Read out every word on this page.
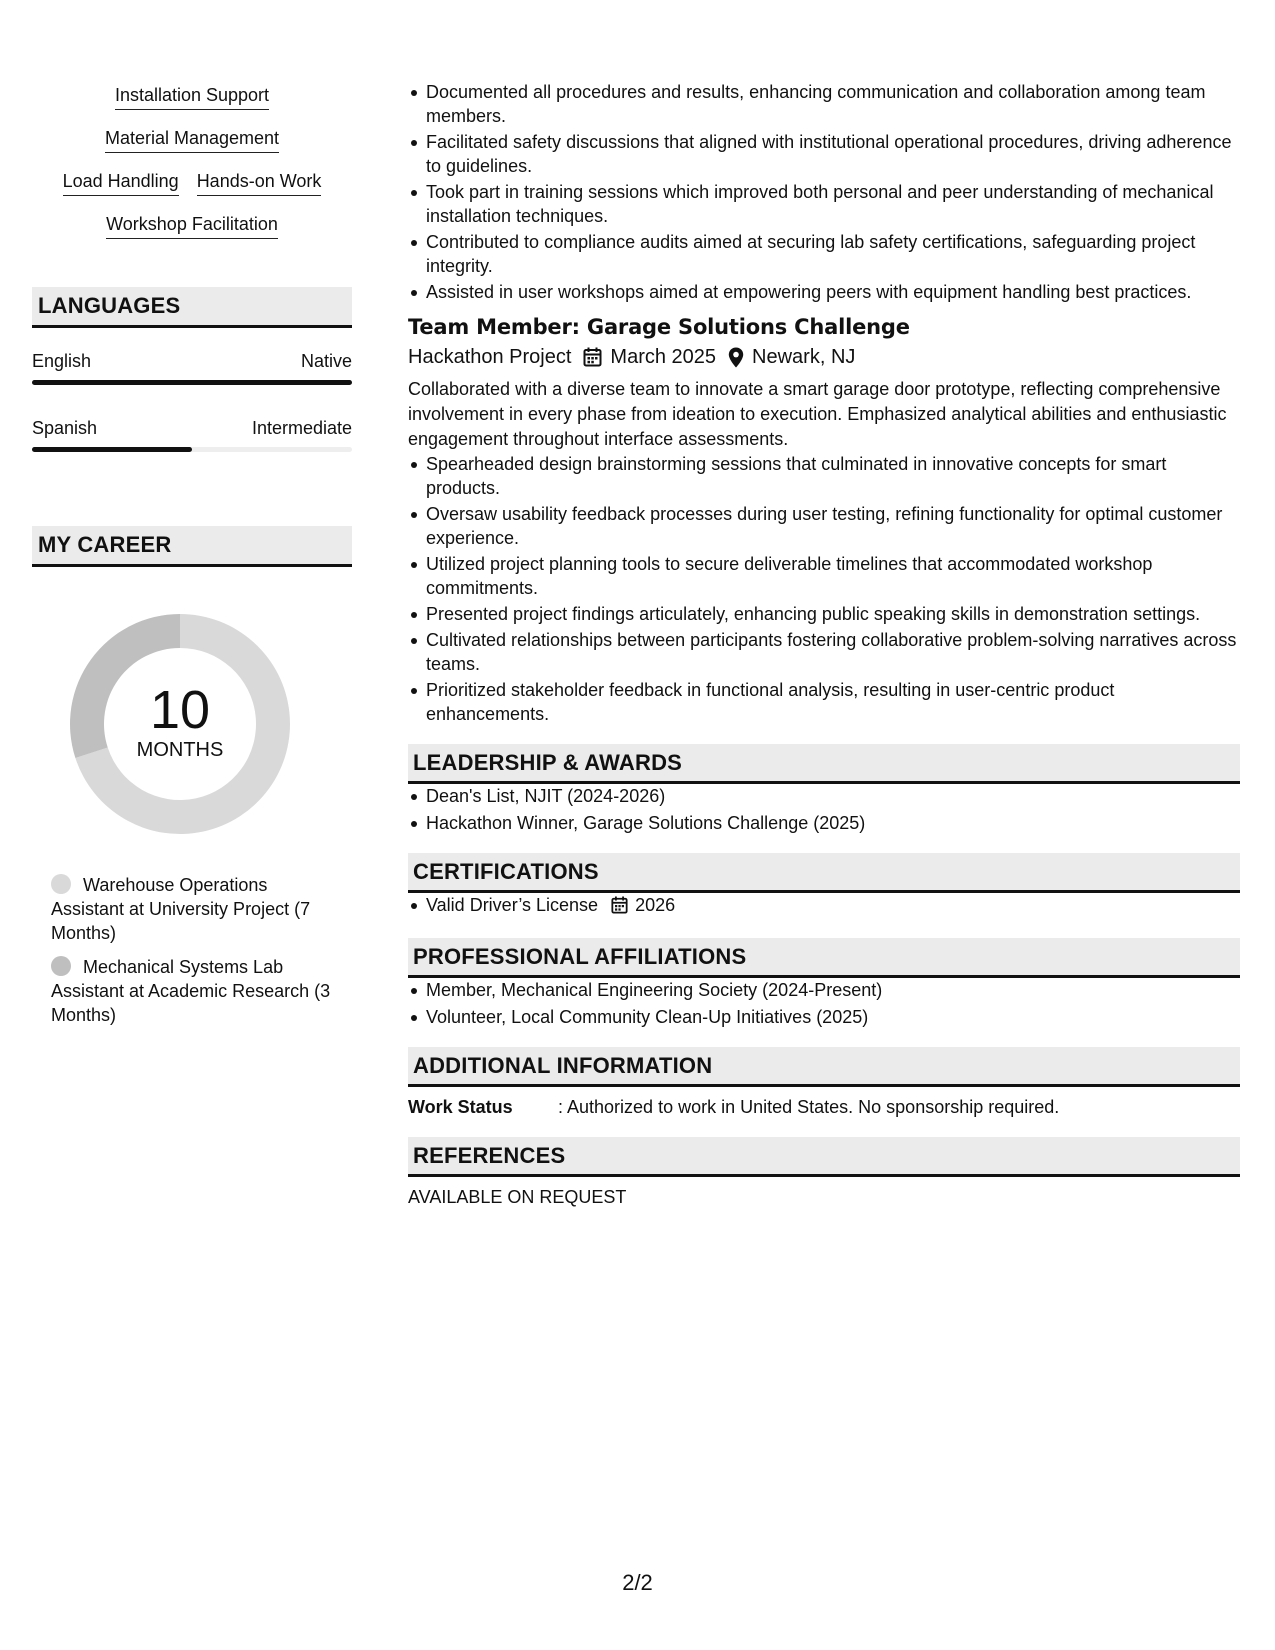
Installation Support
Material Management
Load Handling Hands-on Work
Workshop Facilitation
LANGUAGES
English	Native
Spanish	Intermediate
MY CAREER
10
MONTHS
Warehouse Operations Assistant at University Project (7 Months)
Mechanical Systems Lab Assistant at Academic Research (3 Months)
Documented all procedures and results, enhancing communication and collaboration among team members.
Facilitated safety discussions that aligned with institutional operational procedures, driving adherence to guidelines.
Took part in training sessions which improved both personal and peer understanding of mechanical installation techniques.
Contributed to compliance audits aimed at securing lab safety certifications, safeguarding project integrity.
Assisted in user workshops aimed at empowering peers with equipment handling best practices.
Team Member: Garage Solutions Challenge
Hackathon Project March 2025 Newark, NJ
Collaborated with a diverse team to innovate a smart garage door prototype, reflecting comprehensive involvement in every phase from ideation to execution. Emphasized analytical abilities and enthusiastic engagement throughout interface assessments.
Spearheaded design brainstorming sessions that culminated in innovative concepts for smart products.
Oversaw usability feedback processes during user testing, refining functionality for optimal customer experience.
Utilized project planning tools to secure deliverable timelines that accommodated workshop commitments.
Presented project findings articulately, enhancing public speaking skills in demonstration settings.
Cultivated relationships between participants fostering collaborative problem-solving narratives across teams.
Prioritized stakeholder feedback in functional analysis, resulting in user-centric product enhancements.
LEADERSHIP & AWARDS
Dean's List, NJIT (2024-2026)
Hackathon Winner, Garage Solutions Challenge (2025)
CERTIFICATIONS
Valid Driver’s License 2026
PROFESSIONAL AFFILIATIONS
Member, Mechanical Engineering Society (2024-Present)
Volunteer, Local Community Clean-Up Initiatives (2025)
ADDITIONAL INFORMATION
Work Status	: Authorized to work in United States. No sponsorship required.
REFERENCES
AVAILABLE ON REQUEST
2/2
